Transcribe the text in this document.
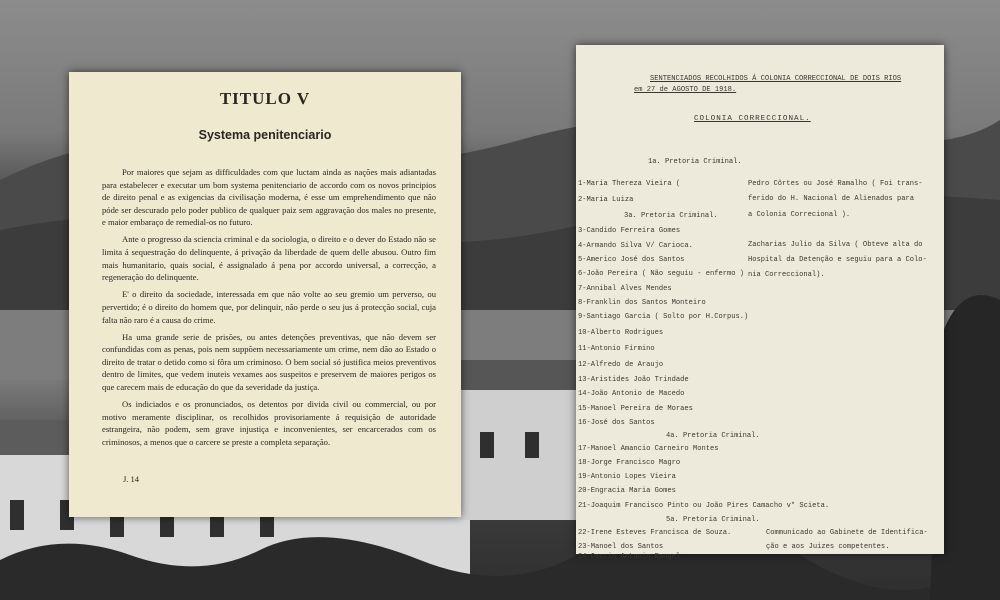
TITULO V
Systema penitenciario

Por maiores que sejam as difficuldades com que luctam ainda as nações mais adiantadas para estabelecer e executar um bom systema penitenciario de accordo com os novos principios de direito penal e as exigencias da civilisação moderna, é esse um emprehendimento que não póde ser descurado pelo poder publico de qualquer paiz sem aggravação dos males no presente, e maior embaraço de remedial-os no futuro.

Ante o progresso da sciencia criminal e da sociologia, o direito e o dever do Estado não se limita á sequestração do delinquente, á privação da liberdade de quem delle abusou. Outro fim mais humanitario, quais social, é assignalado á pena por accordo universal, a correcção, a regeneração do delinquente.

E' o direito da sociedade, interessada em que não volte ao seu gremio um perverso, ou pervertido; é o direito do homem que, por delinquir, não perde o seu jus á protecção social, cuja falta não raro é a causa do crime.

Ha uma grande serie de prisões, ou antes detenções preventivas, que não devem ser confundidas com as penas, pois nem suppõem necessariamente um crime, nem dão ao Estado o direito de tratar o detido como si fôra um criminoso. O bem social só justifica meios preventivos dentro de limites, que vedem inuteis vexames aos suspeitos e preservem de maiores perigos os que carecem mais de educação do que da severidade da justiça.

Os indiciados e os pronunciados, os detentos por divida civil ou commercial, ou por motivo meramente disciplinar, os recolhidos provisoriamente á requisição de autoridade estrangeira, não podem, sem grave injustiça e inconvenientes, ser encarcerados com os criminosos, a menos que o carcere se preste a completa separação.

J. 14
SENTENCIADOS RECOLHIDOS Á COLONIA CORRECCIONAL DE DOIS RIOS
em 27 de AGOSTO DE 1918.
COLONIA CORRECCIONAL.
1a. Pretoria Criminal.
1-Maria Thereza Vieira (
2-Maria Luiza
3a. Pretoria Criminal.
3-Candido Ferreira Gomes
4-Armando Silva V/ Carioca.
5-Americo José dos Santos
6-João Pereira ( Não seguiu - enfermo )
7-Annibal Alves Mendes
8-Franklin dos Santos Monteiro
9-Santiago Garcia ( Solto por H.Corpus.)
10-Alberto Rodrigues
11-Antonio Firmino
12-Alfredo de Araujo
13-Aristides João Trindade
14-João Antonio de Macedo
15-Manoel Pereira de Moraes
16-José dos Santos
4a. Pretoria Criminal.
17-Manoel Amancio Carneiro Montes
18-Jorge Francisco Magro
19-Antonio Lopes Vieira
20-Engracia Maria Gomes
21-Joaquim Francisco Pinto ou João Pires Camacho v* Scieta.
5a. Pretoria Criminal.
22-Irene Esteves Francisca de Souza.
23-Manoel dos Santos
24-Oscrio Antonio Rangel.
Pedro Côrtes ou José Ramalho ( Foi trans-
ferido do H. Nacional de Alienados para
a Colonia Correcional ).
Zacharias Julio da Silva ( Obteve alta do
Hospital da Detenção e seguiu para a Colo-
nia Correccional).
Communicado ao Gabinete de Identifica-
ção e aos Juizes competentes.
